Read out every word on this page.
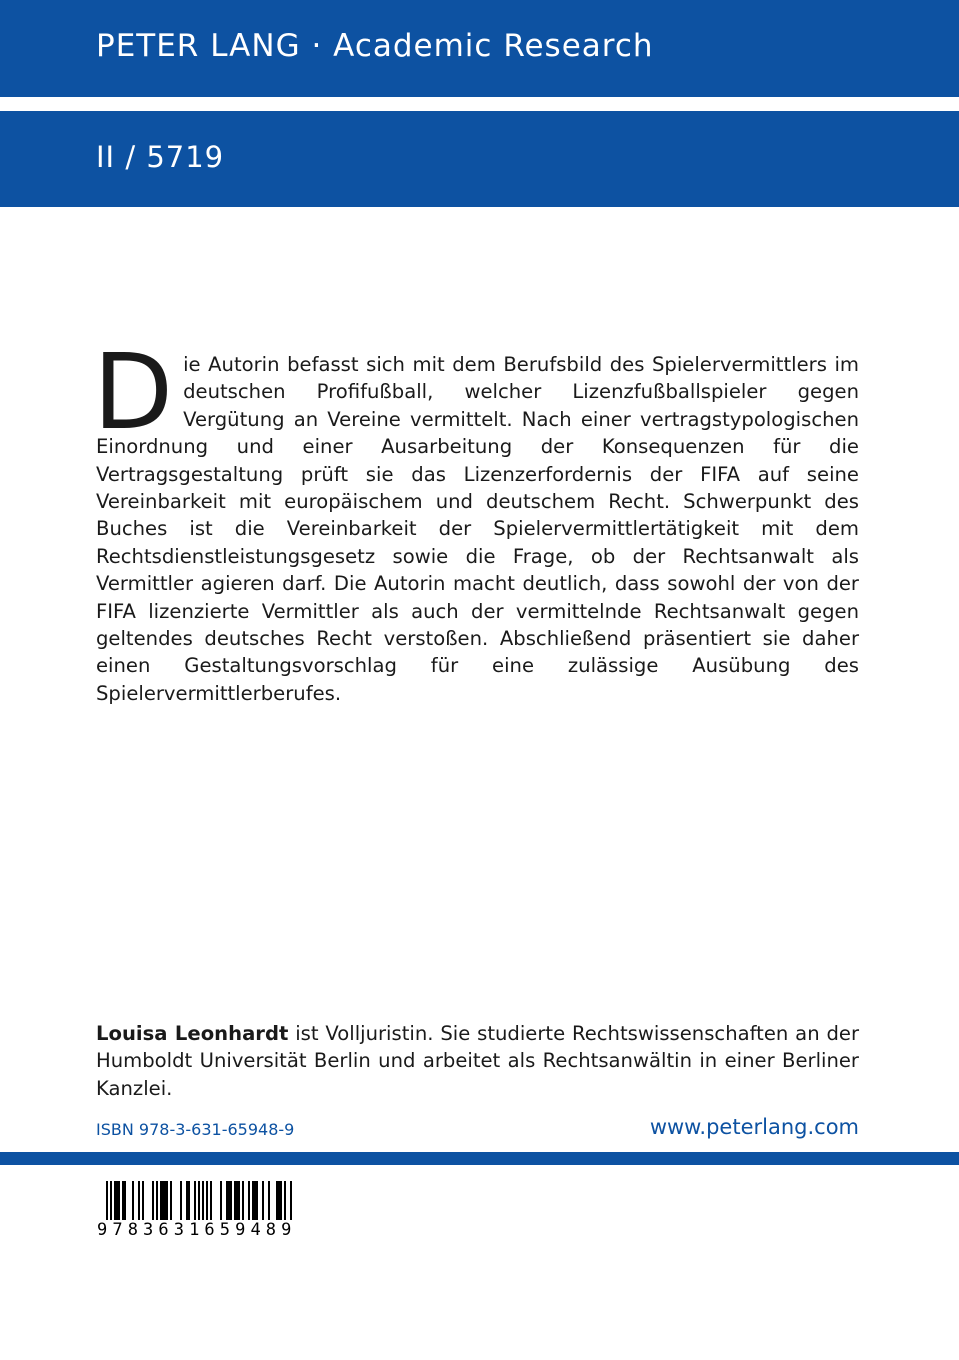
PETER LANG · Academic Research
II / 5719

Die Autorin befasst sich mit dem Berufsbild des Spielervermittlers im deutschen Profifußball, welcher Lizenzfußballspieler gegen Vergütung an Vereine vermittelt. Nach einer vertragstypologischen Einordnung und einer Ausarbeitung der Konsequenzen für die Vertragsgestaltung prüft sie das Lizenzerfordernis der FIFA auf seine Vereinbarkeit mit europäischem und deutschem Recht. Schwerpunkt des Buches ist die Vereinbarkeit der Spielervermittlertätigkeit mit dem Rechtsdienstleistungsgesetz sowie die Frage, ob der Rechtsanwalt als Vermittler agieren darf. Die Autorin macht deutlich, dass sowohl der von der FIFA lizenzierte Vermittler als auch der vermittelnde Rechtsanwalt gegen geltendes deutsches Recht verstoßen. Abschließend präsentiert sie daher einen Gestaltungsvorschlag für eine zulässige Ausübung des Spielervermittlerberufes.

Louisa Leonhardt ist Volljuristin. Sie studierte Rechtswissenschaften an der Humboldt Universität Berlin und arbeitet als Rechtsanwältin in einer Berliner Kanzlei.

ISBN 978-3-631-65948-9	www.peterlang.com
9 7 8 3 6 3 1 6 5 9 4 8 9
